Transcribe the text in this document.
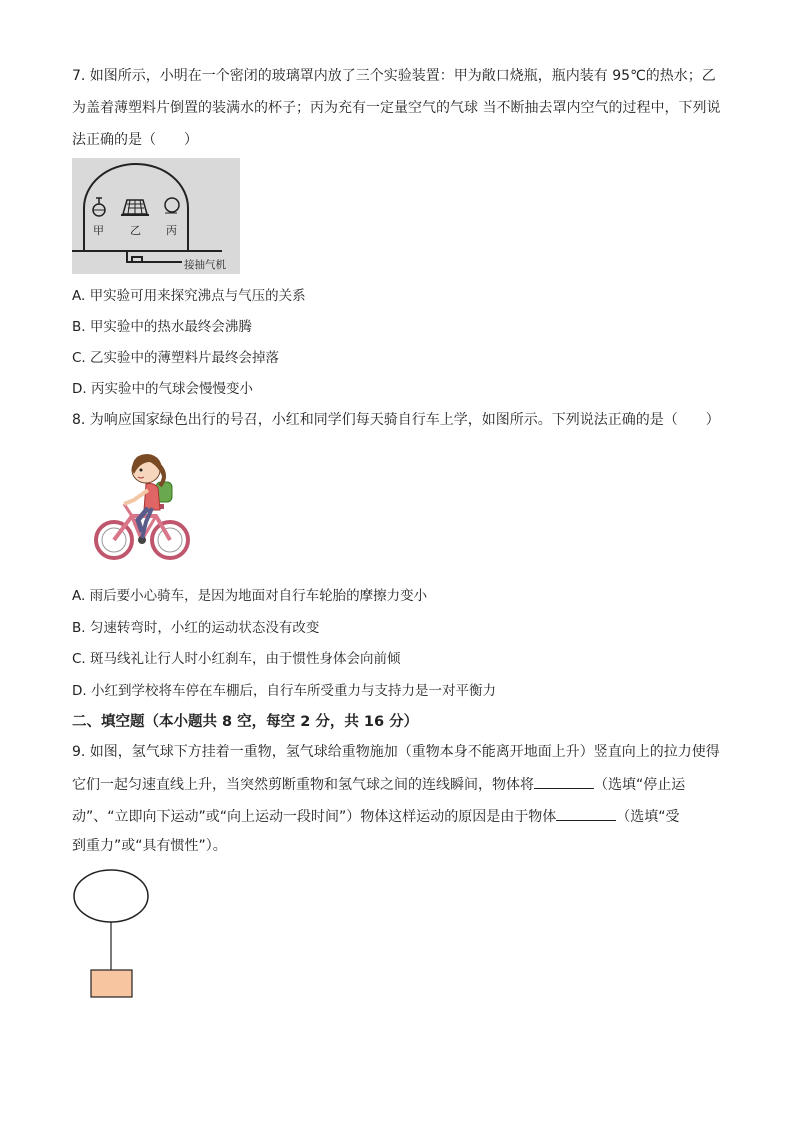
7. 如图所示，小明在一个密闭的玻璃罩内放了三个实验装置：甲为敞口烧瓶，瓶内装有 95℃的热水；乙
为盖着薄塑料片倒置的装满水的杯子；丙为充有一定量空气的气球 当不断抽去罩内空气的过程中，下列说
法正确的是（　　）
甲 乙 丙
接抽气机
A. 甲实验可用来探究沸点与气压的关系
B. 甲实验中的热水最终会沸腾
C. 乙实验中的薄塑料片最终会掉落
D. 丙实验中的气球会慢慢变小
8. 为响应国家绿色出行的号召，小红和同学们每天骑自行车上学，如图所示。下列说法正确的是（　　）
A. 雨后要小心骑车，是因为地面对自行车轮胎的摩擦力变小
B. 匀速转弯时，小红的运动状态没有改变
C. 斑马线礼让行人时小红刹车，由于惯性身体会向前倾
D. 小红到学校将车停在车棚后，自行车所受重力与支持力是一对平衡力
二、填空题（本小题共 8 空，每空 2 分，共 16 分）
9. 如图，氢气球下方挂着一重物，氢气球给重物施加（重物本身不能离开地面上升）竖直向上的拉力使得
它们一起匀速直线上升，当突然剪断重物和氢气球之间的连线瞬间，物体将	（选填“停止运
动”、“立即向下运动”或“向上运动一段时间”）物体这样运动的原因是由于物体	（选填“受
到重力”或“具有惯性”）。
